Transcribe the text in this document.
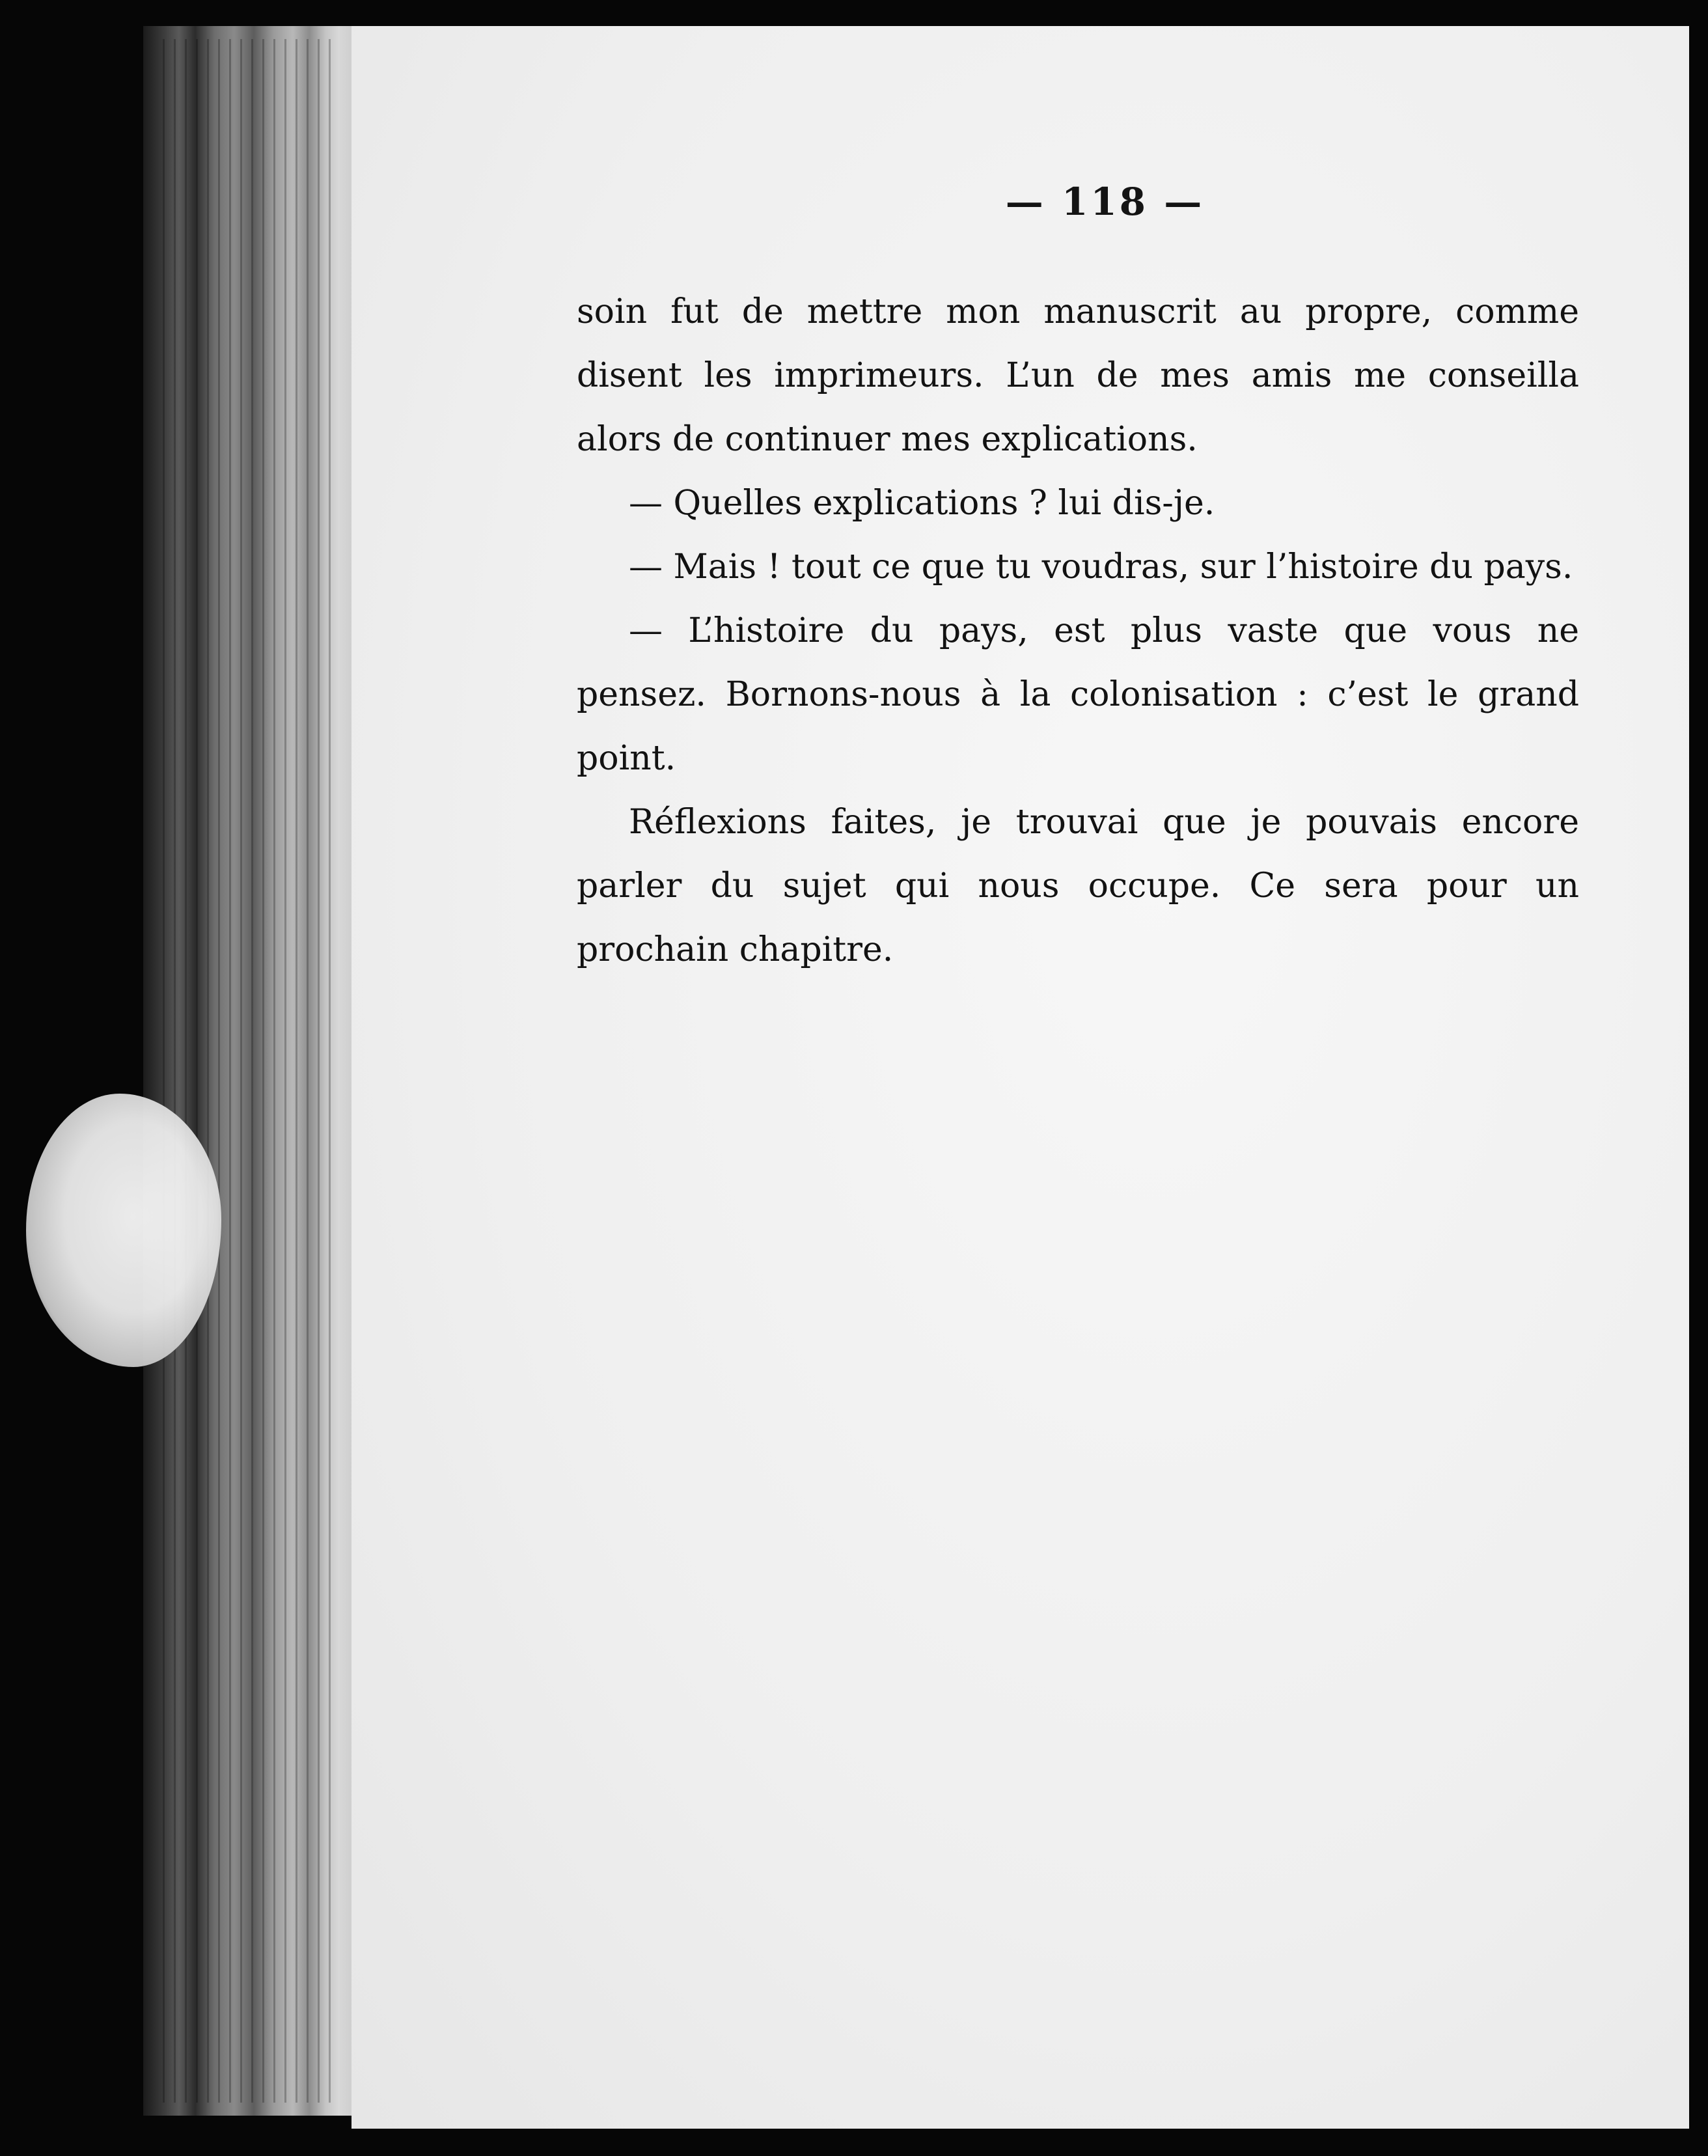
— 118 —

soin fut de mettre mon manuscrit au propre, comme disent les imprimeurs. L’un de mes amis me conseilla alors de continuer mes explications.

— Quelles explications ? lui dis-je.

— Mais ! tout ce que tu voudras, sur l’histoire du pays.

— L’histoire du pays, est plus vaste que vous ne pensez. Bornons-nous à la colonisation : c’est le grand point.

Réflexions faites, je trouvai que je pouvais encore parler du sujet qui nous occupe. Ce sera pour un prochain chapitre.
